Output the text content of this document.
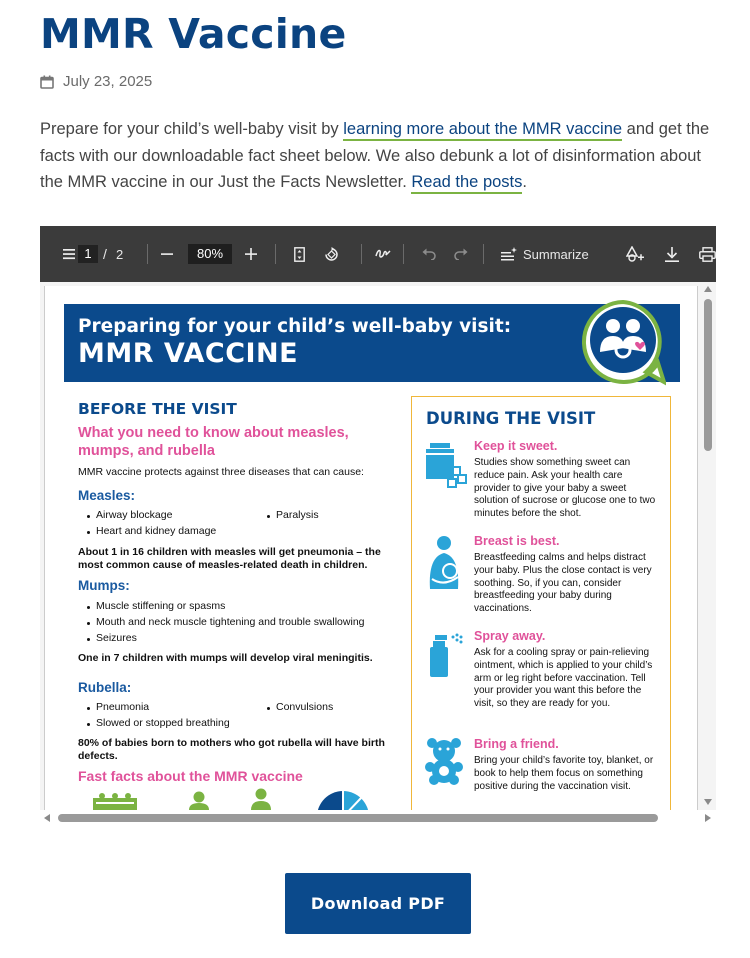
MMR Vaccine
July 23, 2025

Prepare for your child’s well-baby visit by learning more about the MMR vaccine and get the facts with our downloadable fact sheet below. We also debunk a lot of disinformation about the MMR vaccine in our Just the Facts Newsletter. Read the posts.

1 / 2	80%	Summarize
Preparing for your child’s well-baby visit:
MMR VACCINE
BEFORE THE VISIT
What you need to know about measles,
mumps, and rubella
MMR vaccine protects against three diseases that can cause:
Measles:
Airway blockage	Paralysis
Heart and kidney damage
About 1 in 16 children with measles will get pneumonia – the
most common cause of measles-related death in children.
Mumps:
Muscle stiffening or spasms
Mouth and neck muscle tightening and trouble swallowing
Seizures
One in 7 children with mumps will develop viral meningitis.
Rubella:
Pneumonia	Convulsions
Slowed or stopped breathing
80% of babies born to mothers who got rubella will have birth
defects.
Fast facts about the MMR vaccine
DURING THE VISIT
Keep it sweet.
Studies show something sweet can reduce pain. Ask your health care provider to give your baby a sweet solution of sucrose or glucose one to two minutes before the shot.
Breast is best.
Breastfeeding calms and helps distract your baby. Plus the close contact is very soothing. So, if you can, consider breastfeeding your baby during vaccinations.
Spray away.
Ask for a cooling spray or pain-relieving ointment, which is applied to your child’s arm or leg right before vaccination. Tell your provider you want this before the visit, so they are ready for you.
Bring a friend.
Bring your child’s favorite toy, blanket, or book to help them focus on something positive during the vaccination visit.
Download PDF
